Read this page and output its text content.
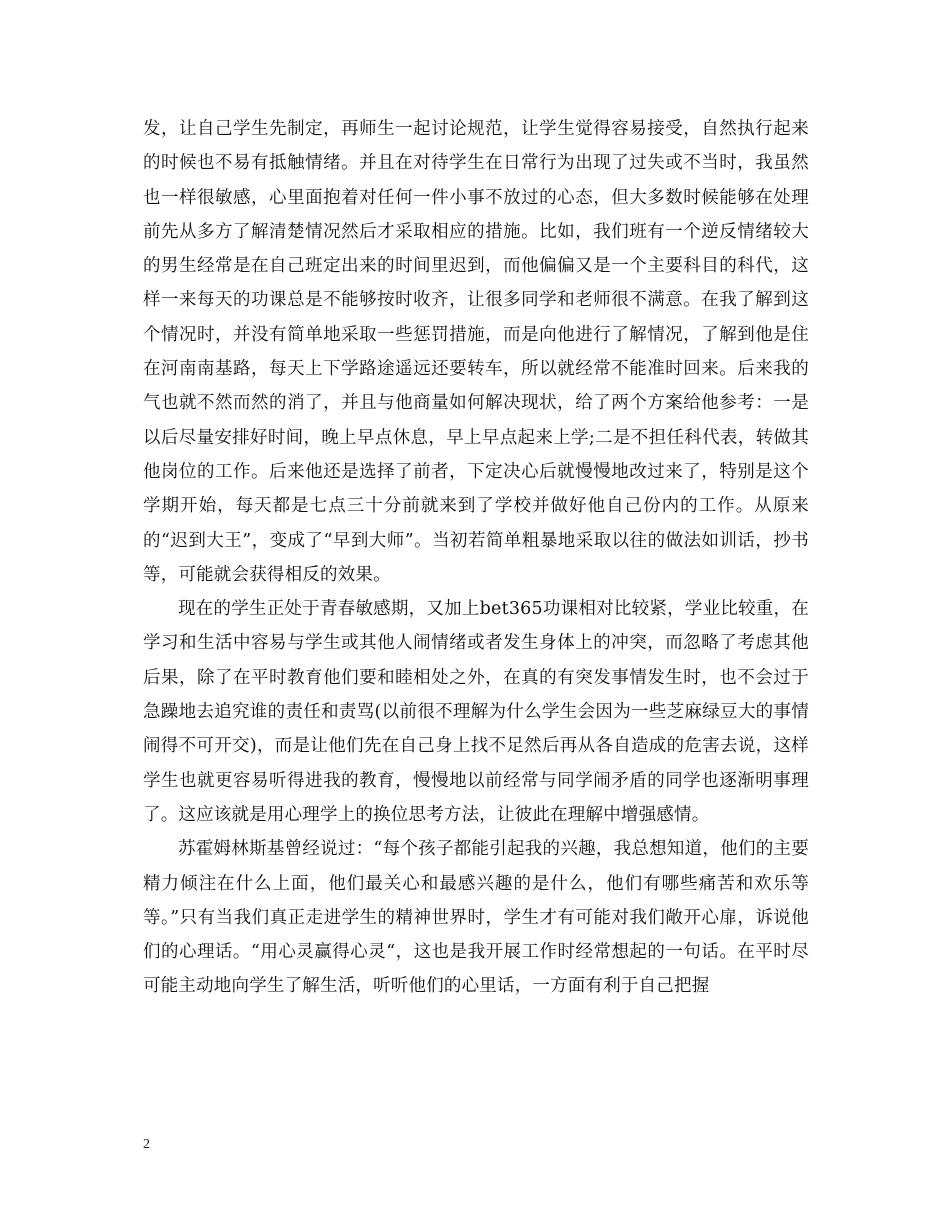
发，让自己学生先制定，再师生一起讨论规范，让学生觉得容易接受，自然执行起来的时候也不易有抵触情绪。并且在对待学生在日常行为出现了过失或不当时，我虽然也一样很敏感，心里面抱着对任何一件小事不放过的心态，但大多数时候能够在处理前先从多方了解清楚情况然后才采取相应的措施。比如，我们班有一个逆反情绪较大的男生经常是在自己班定出来的时间里迟到，而他偏偏又是一个主要科目的科代，这样一来每天的功课总是不能够按时收齐，让很多同学和老师很不满意。在我了解到这个情况时，并没有简单地采取一些惩罚措施，而是向他进行了解情况，了解到他是住在河南南基路，每天上下学路途遥远还要转车，所以就经常不能准时回来。后来我的气也就不然而然的消了，并且与他商量如何解决现状，给了两个方案给他参考：一是以后尽量安排好时间，晚上早点休息，早上早点起来上学;二是不担任科代表，转做其他岗位的工作。后来他还是选择了前者，下定决心后就慢慢地改过来了，特别是这个学期开始，每天都是七点三十分前就来到了学校并做好他自己份内的工作。从原来的“迟到大王”，变成了“早到大师”。当初若简单粗暴地采取以往的做法如训话，抄书等，可能就会获得相反的效果。

现在的学生正处于青春敏感期，又加上bet365功课相对比较紧，学业比较重，在学习和生活中容易与学生或其他人闹情绪或者发生身体上的冲突，而忽略了考虑其他后果，除了在平时教育他们要和睦相处之外，在真的有突发事情发生时，也不会过于急躁地去追究谁的责任和责骂(以前很不理解为什么学生会因为一些芝麻绿豆大的事情闹得不可开交)，而是让他们先在自己身上找不足然后再从各自造成的危害去说，这样学生也就更容易听得进我的教育，慢慢地以前经常与同学闹矛盾的同学也逐渐明事理了。这应该就是用心理学上的换位思考方法，让彼此在理解中增强感情。

苏霍姆林斯基曾经说过：“每个孩子都能引起我的兴趣，我总想知道，他们的主要精力倾注在什么上面，他们最关心和最感兴趣的是什么，他们有哪些痛苦和欢乐等等。”只有当我们真正走进学生的精神世界时，学生才有可能对我们敞开心扉，诉说他们的心理话。“用心灵赢得心灵“，这也是我开展工作时经常想起的一句话。在平时尽可能主动地向学生了解生活，听听他们的心里话，一方面有利于自己把握

2
